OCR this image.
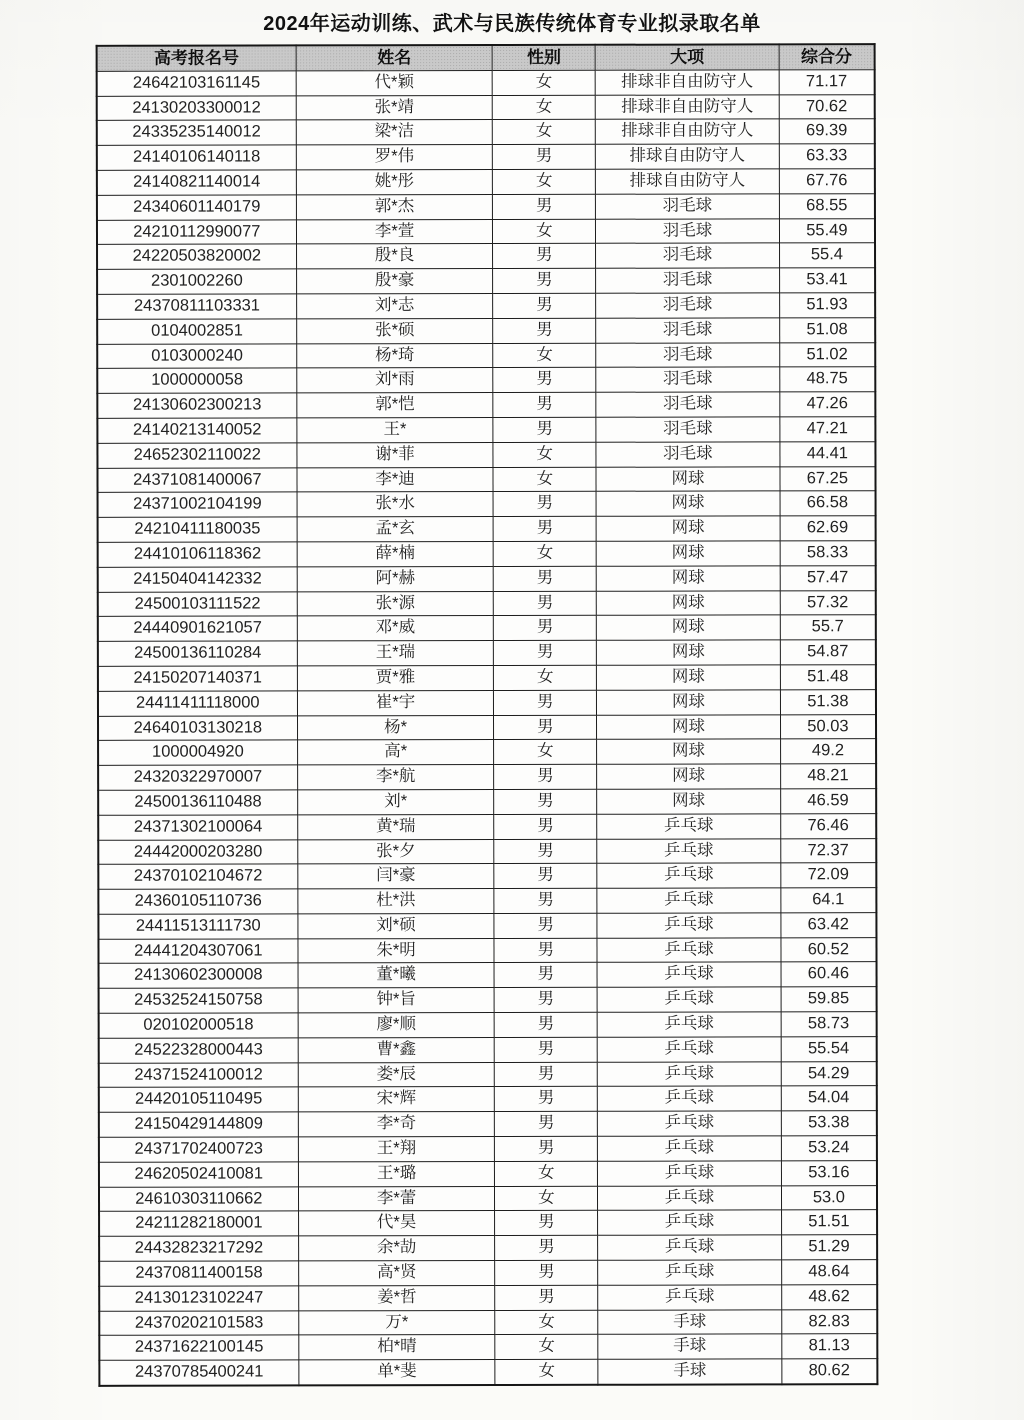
2024年运动训练、武术与民族传统体育专业拟录取名单
高考报名号	姓名	性别	大项	综合分
24642103161145	代*颖	女	排球非自由防守人	71.17
24130203300012	张*靖	女	排球非自由防守人	70.62
24335235140012	梁*洁	女	排球非自由防守人	69.39
24140106140118	罗*伟	男	排球自由防守人	63.33
24140821140014	姚*彤	女	排球自由防守人	67.76
24340601140179	郭*杰	男	羽毛球	68.55
24210112990077	李*萱	女	羽毛球	55.49
24220503820002	殷*良	男	羽毛球	55.4
2301002260	殷*豪	男	羽毛球	53.41
24370811103331	刘*志	男	羽毛球	51.93
0104002851	张*硕	男	羽毛球	51.08
0103000240	杨*琦	女	羽毛球	51.02
1000000058	刘*雨	男	羽毛球	48.75
24130602300213	郭*恺	男	羽毛球	47.26
24140213140052	王*	男	羽毛球	47.21
24652302110022	谢*菲	女	羽毛球	44.41
24371081400067	李*迪	女	网球	67.25
24371002104199	张*水	男	网球	66.58
24210411180035	孟*玄	男	网球	62.69
24410106118362	薛*楠	女	网球	58.33
24150404142332	阿*赫	男	网球	57.47
24500103111522	张*源	男	网球	57.32
24440901621057	邓*威	男	网球	55.7
24500136110284	王*瑞	男	网球	54.87
24150207140371	贾*雅	女	网球	51.48
24411411118000	崔*宇	男	网球	51.38
24640103130218	杨*	男	网球	50.03
1000004920	高*	女	网球	49.2
24320322970007	李*航	男	网球	48.21
24500136110488	刘*	男	网球	46.59
24371302100064	黄*瑞	男	乒乓球	76.46
24442000203280	张*夕	男	乒乓球	72.37
24370102104672	闫*豪	男	乒乓球	72.09
24360105110736	杜*洪	男	乒乓球	64.1
24411513111730	刘*硕	男	乒乓球	63.42
24441204307061	朱*明	男	乒乓球	60.52
24130602300008	董*曦	男	乒乓球	60.46
24532524150758	钟*旨	男	乒乓球	59.85
020102000518	廖*顺	男	乒乓球	58.73
24522328000443	曹*鑫	男	乒乓球	55.54
24371524100012	娄*辰	男	乒乓球	54.29
24420105110495	宋*辉	男	乒乓球	54.04
24150429144809	李*奇	男	乒乓球	53.38
24371702400723	王*翔	男	乒乓球	53.24
24620502410081	王*璐	女	乒乓球	53.16
24610303110662	李*蕾	女	乒乓球	53.0
24211282180001	代*昊	男	乒乓球	51.51
24432823217292	余*劼	男	乒乓球	51.29
24370811400158	高*贤	男	乒乓球	48.64
24130123102247	姜*哲	男	乒乓球	48.62
24370202101583	万*	女	手球	82.83
24371622100145	柏*晴	女	手球	81.13
24370785400241	单*斐	女	手球	80.62
